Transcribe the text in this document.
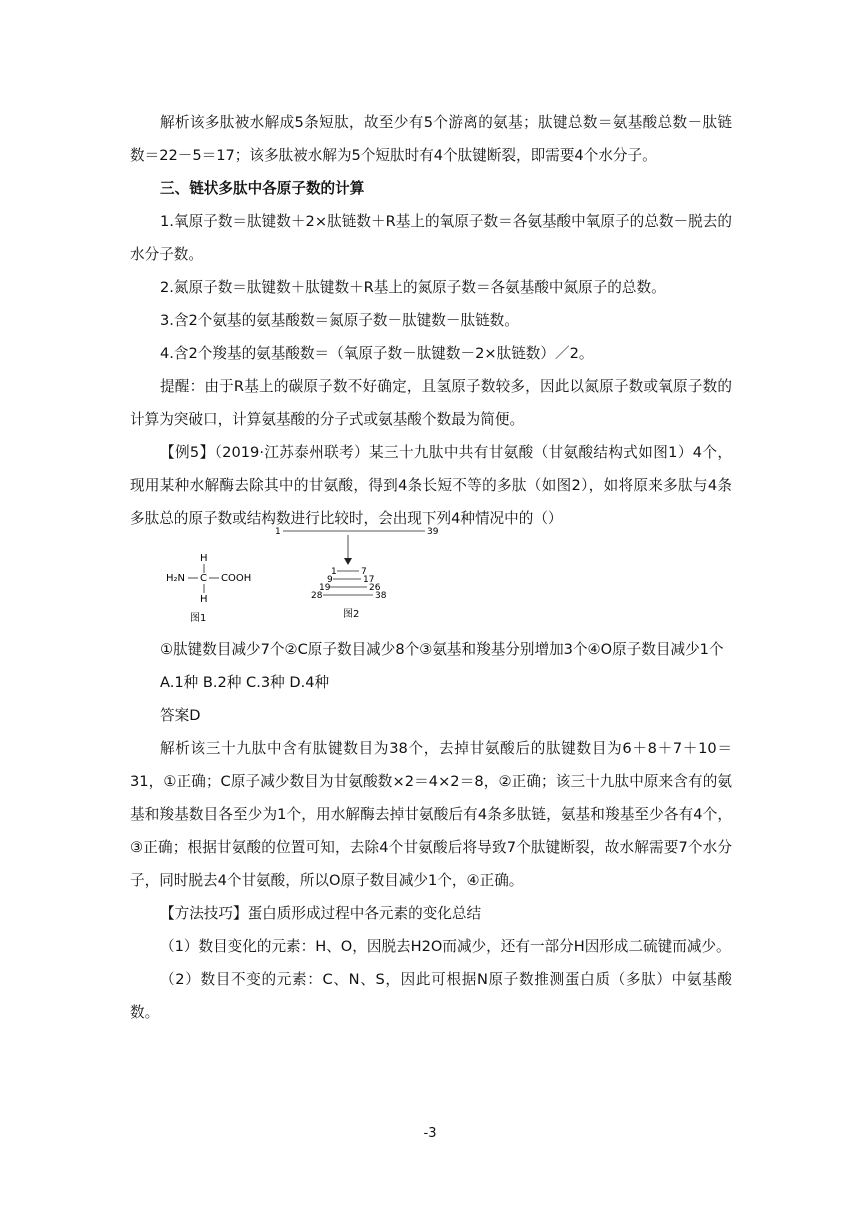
解析该多肽被水解成5条短肽，故至少有5个游离的氨基；肽键总数＝氨基酸总数－肽链数＝22－5＝17；该多肽被水解为5个短肽时有4个肽键断裂，即需要4个水分子。

三、链状多肽中各原子数的计算

1.氧原子数＝肽键数＋2×肽链数＋R基上的氧原子数＝各氨基酸中氧原子的总数－脱去的水分子数。

2.氮原子数＝肽键数＋肽键数＋R基上的氮原子数＝各氨基酸中氮原子的总数。

3.含2个氨基的氨基酸数＝氮原子数－肽键数－肽链数。

4.含2个羧基的氨基酸数＝（氧原子数－肽键数－2×肽链数）／2。

提醒：由于R基上的碳原子数不好确定，且氢原子数较多，因此以氮原子数或氧原子数的计算为突破口，计算氨基酸的分子式或氨基酸个数最为简便。

【例5】（2019·江苏泰州联考）某三十九肽中共有甘氨酸（甘氨酸结构式如图1）4个，现用某种水解酶去除其中的甘氨酸，得到4条长短不等的多肽（如图2），如将原来多肽与4条多肽总的原子数或结构数进行比较时，会出现下列4种情况中的（）

H
H₂N C COOH
H
图1
1	39
1	7
9	17
19	26
28	38
图2

①肽键数目减少7个②C原子数目减少8个③氨基和羧基分别增加3个④O原子数目减少1个

A.1种 B.2种 C.3种 D.4种

答案D

解析该三十九肽中含有肽键数目为38个，去掉甘氨酸后的肽键数目为6＋8＋7＋10＝31，①正确；C原子减少数目为甘氨酸数×2＝4×2＝8，②正确；该三十九肽中原来含有的氨基和羧基数目各至少为1个，用水解酶去掉甘氨酸后有4条多肽链，氨基和羧基至少各有4个，③正确；根据甘氨酸的位置可知，去除4个甘氨酸后将导致7个肽键断裂，故水解需要7个水分子，同时脱去4个甘氨酸，所以O原子数目减少1个，④正确。

【方法技巧】蛋白质形成过程中各元素的变化总结

（1）数目变化的元素：H、O，因脱去H2O而减少，还有一部分H因形成二硫键而减少。

（2）数目不变的元素：C、N、S，因此可根据N原子数推测蛋白质（多肽）中氨基酸数。

-3
